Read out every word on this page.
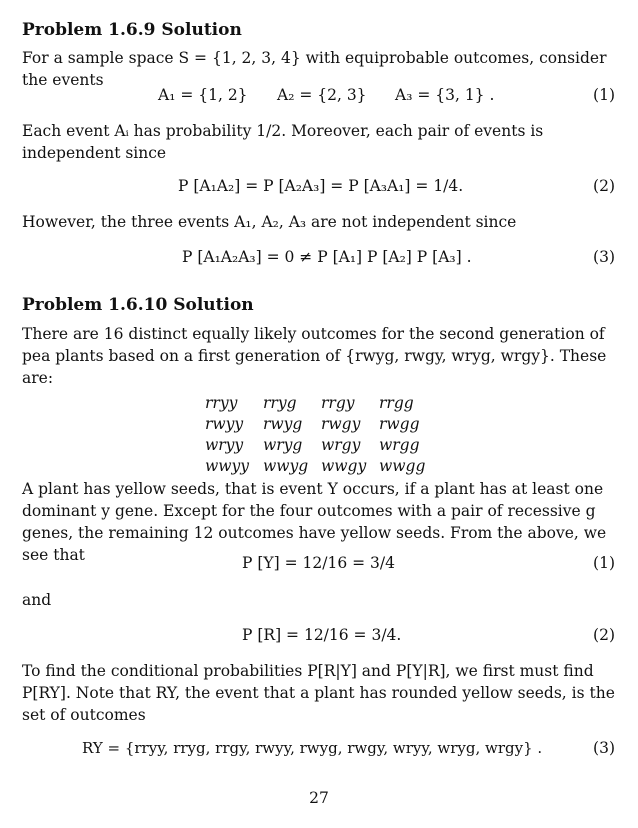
Problem 1.6.9 Solution
For a sample space S = {1, 2, 3, 4} with equiprobable outcomes, consider the events
A₁ = {1, 2} A₂ = {2, 3} A₃ = {3, 1} .	(1)
Each event Aᵢ has probability 1/2. Moreover, each pair of events is independent since
P [A₁A₂] = P [A₂A₃] = P [A₃A₁] = 1/4.	(2)
However, the three events A₁, A₂, A₃ are not independent since
P [A₁A₂A₃] = 0 ≠ P [A₁] P [A₂] P [A₃] .	(3)
Problem 1.6.10 Solution
There are 16 distinct equally likely outcomes for the second generation of pea plants based on a first generation of {rwyg, rwgy, wryg, wrgy}. These are:
rryy	rryg	rrgy	rrgg
rwyy	rwyg	rwgy	rwgg
wryy	wryg	wrgy	wrgg
wwyy wwyg wwgy wwgg
A plant has yellow seeds, that is event Y occurs, if a plant has at least one dominant y gene. Except for the four outcomes with a pair of recessive g genes, the remaining 12 outcomes have yellow seeds. From the above, we see that	P [Y] = 12/16 = 3/4	(1)
and
P [R] = 12/16 = 3/4.	(2)
To find the conditional probabilities P[R|Y] and P[Y|R], we first must find P[RY]. Note that RY, the event that a plant has rounded yellow seeds, is the set of outcomes
RY = {rryy, rryg, rrgy, rwyy, rwyg, rwgy, wryy, wryg, wrgy} .	(3)
27
